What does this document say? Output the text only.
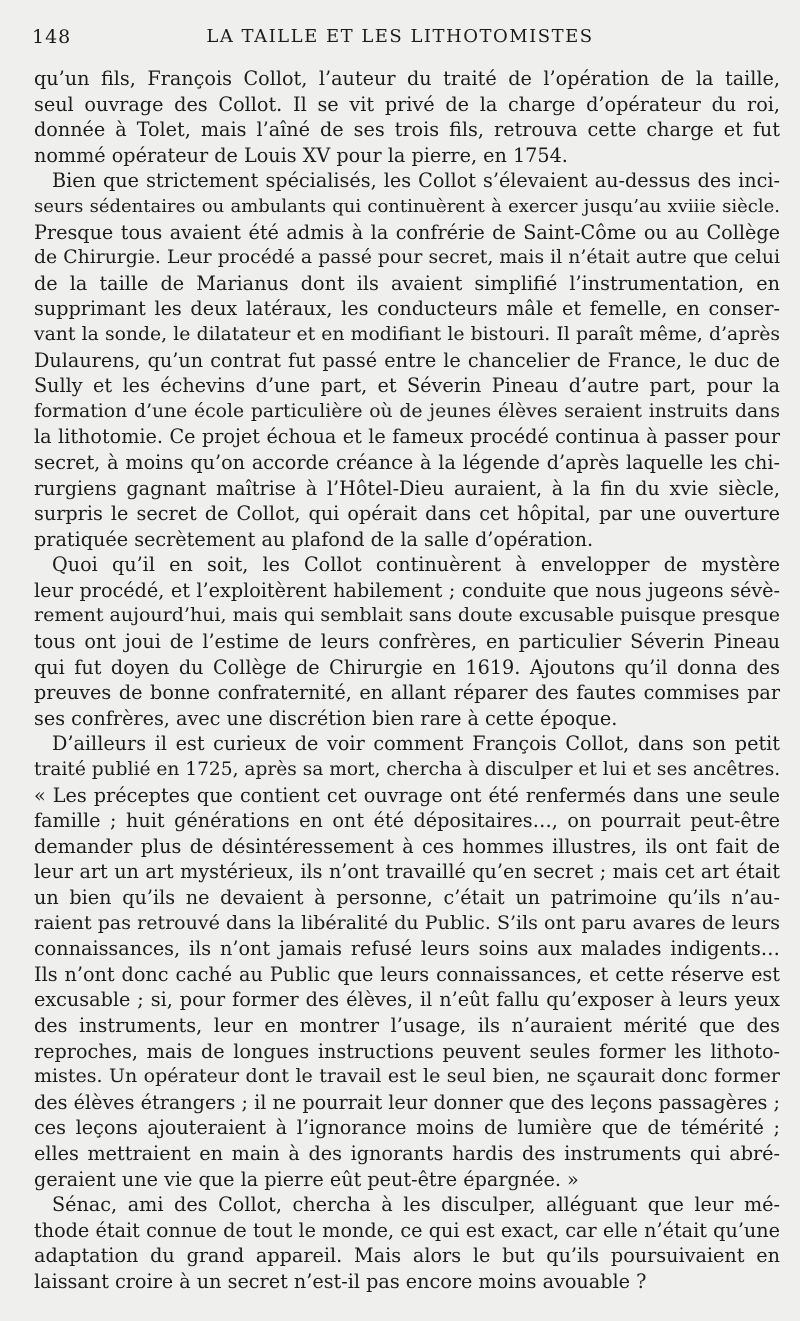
148	LA TAILLE ET LES LITHOTOMISTES
qu’un fils, François Collot, l’auteur du traité de l’opération de la taille,
seul ouvrage des Collot. Il se vit privé de la charge d’opérateur du roi,
donnée à Tolet, mais l’aîné de ses trois fils, retrouva cette charge et fut
nommé opérateur de Louis XV pour la pierre, en 1754.
Bien que strictement spécialisés, les Collot s’élevaient au-dessus des inci-
seurs sédentaires ou ambulants qui continuèrent à exercer jusqu’au xviiie siècle.
Presque tous avaient été admis à la confrérie de Saint-Côme ou au Collège
de Chirurgie. Leur procédé a passé pour secret, mais il n’était autre que celui
de la taille de Marianus dont ils avaient simplifié l’instrumentation, en
supprimant les deux latéraux, les conducteurs mâle et femelle, en conser-
vant la sonde, le dilatateur et en modifiant le bistouri. Il paraît même, d’après
Dulaurens, qu’un contrat fut passé entre le chancelier de France, le duc de
Sully et les échevins d’une part, et Séverin Pineau d’autre part, pour la
formation d’une école particulière où de jeunes élèves seraient instruits dans
la lithotomie. Ce projet échoua et le fameux procédé continua à passer pour
secret, à moins qu’on accorde créance à la légende d’après laquelle les chi-
rurgiens gagnant maîtrise à l’Hôtel-Dieu auraient, à la fin du xvie siècle,
surpris le secret de Collot, qui opérait dans cet hôpital, par une ouverture
pratiquée secrètement au plafond de la salle d’opération.
Quoi qu’il en soit, les Collot continuèrent à envelopper de mystère
leur procédé, et l’exploitèrent habilement ; conduite que nous jugeons sévè-
rement aujourd’hui, mais qui semblait sans doute excusable puisque presque
tous ont joui de l’estime de leurs confrères, en particulier Séverin Pineau
qui fut doyen du Collège de Chirurgie en 1619. Ajoutons qu’il donna des
preuves de bonne confraternité, en allant réparer des fautes commises par
ses confrères, avec une discrétion bien rare à cette époque.
D’ailleurs il est curieux de voir comment François Collot, dans son petit
traité publié en 1725, après sa mort, chercha à disculper et lui et ses ancêtres.
« Les préceptes que contient cet ouvrage ont été renfermés dans une seule
famille ; huit générations en ont été dépositaires…, on pourrait peut-être
demander plus de désintéressement à ces hommes illustres, ils ont fait de
leur art un art mystérieux, ils n’ont travaillé qu’en secret ; mais cet art était
un bien qu’ils ne devaient à personne, c’était un patrimoine qu’ils n’au-
raient pas retrouvé dans la libéralité du Public. S’ils ont paru avares de leurs
connaissances, ils n’ont jamais refusé leurs soins aux malades indigents…
Ils n’ont donc caché au Public que leurs connaissances, et cette réserve est
excusable ; si, pour former des élèves, il n’eût fallu qu’exposer à leurs yeux
des instruments, leur en montrer l’usage, ils n’auraient mérité que des
reproches, mais de longues instructions peuvent seules former les lithoto-
mistes. Un opérateur dont le travail est le seul bien, ne sçaurait donc former
des élèves étrangers ; il ne pourrait leur donner que des leçons passagères ;
ces leçons ajouteraient à l’ignorance moins de lumière que de témérité ;
elles mettraient en main à des ignorants hardis des instruments qui abré-
geraient une vie que la pierre eût peut-être épargnée. »
Sénac, ami des Collot, chercha à les disculper, alléguant que leur mé-
thode était connue de tout le monde, ce qui est exact, car elle n’était qu’une
adaptation du grand appareil. Mais alors le but qu’ils poursuivaient en
laissant croire à un secret n’est-il pas encore moins avouable ?
